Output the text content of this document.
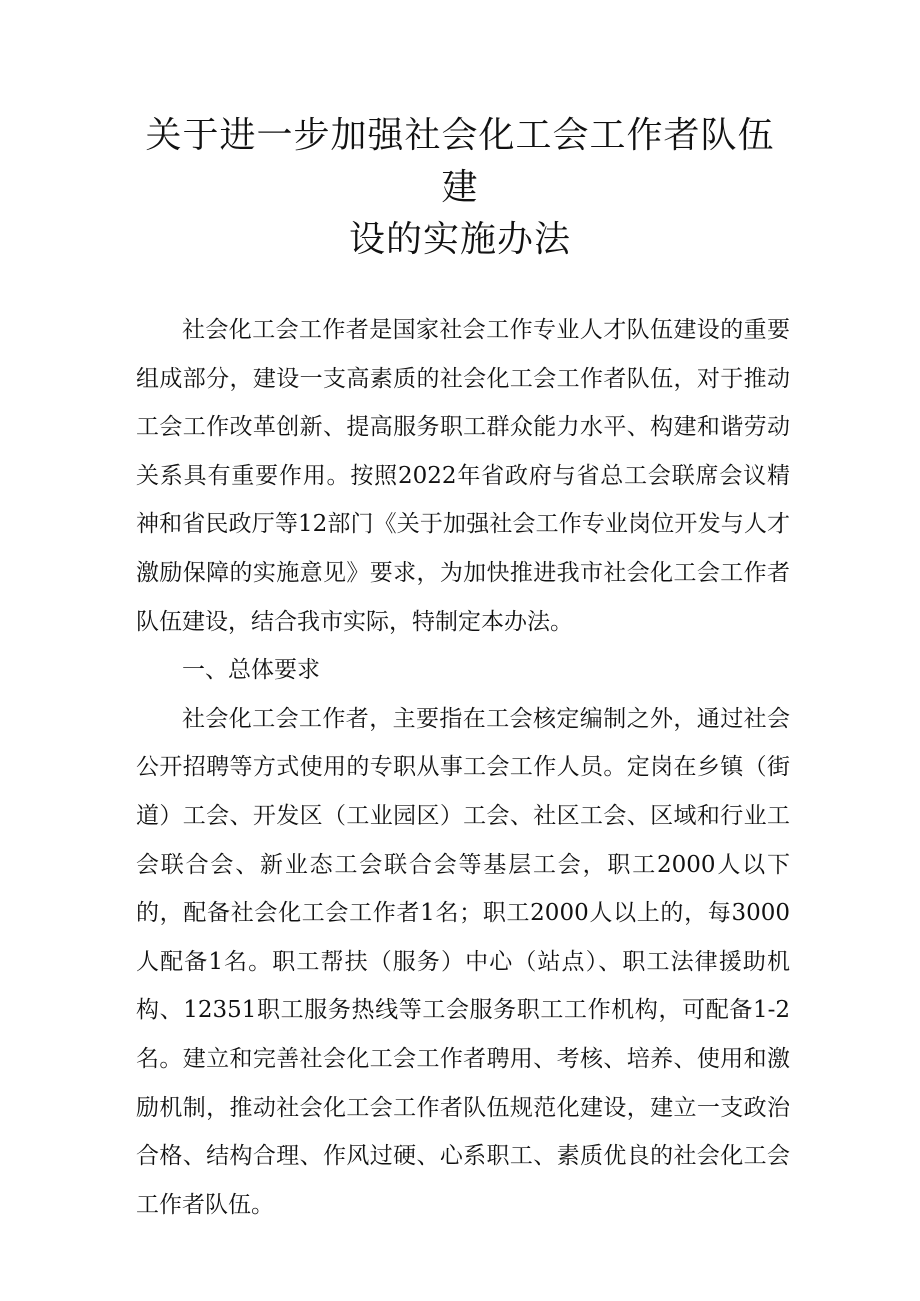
关于进一步加强社会化工会工作者队伍建
设的实施办法

社会化工会工作者是国家社会工作专业人才队伍建设的重要组成部分，建设一支高素质的社会化工会工作者队伍，对于推动工会工作改革创新、提高服务职工群众能力水平、构建和谐劳动关系具有重要作用。按照2022年省政府与省总工会联席会议精神和省民政厅等12部门《关于加强社会工作专业岗位开发与人才激励保障的实施意见》要求，为加快推进我市社会化工会工作者队伍建设，结合我市实际，特制定本办法。

一、总体要求

社会化工会工作者，主要指在工会核定编制之外，通过社会公开招聘等方式使用的专职从事工会工作人员。定岗在乡镇（街道）工会、开发区（工业园区）工会、社区工会、区域和行业工会联合会、新业态工会联合会等基层工会，职工2000人以下的，配备社会化工会工作者1名；职工2000人以上的，每3000人配备1名。职工帮扶（服务）中心（站点）、职工法律援助机构、12351职工服务热线等工会服务职工工作机构，可配备1-2名。建立和完善社会化工会工作者聘用、考核、培养、使用和激励机制，推动社会化工会工作者队伍规范化建设，建立一支政治合格、结构合理、作风过硬、心系职工、素质优良的社会化工会工作者队伍。
